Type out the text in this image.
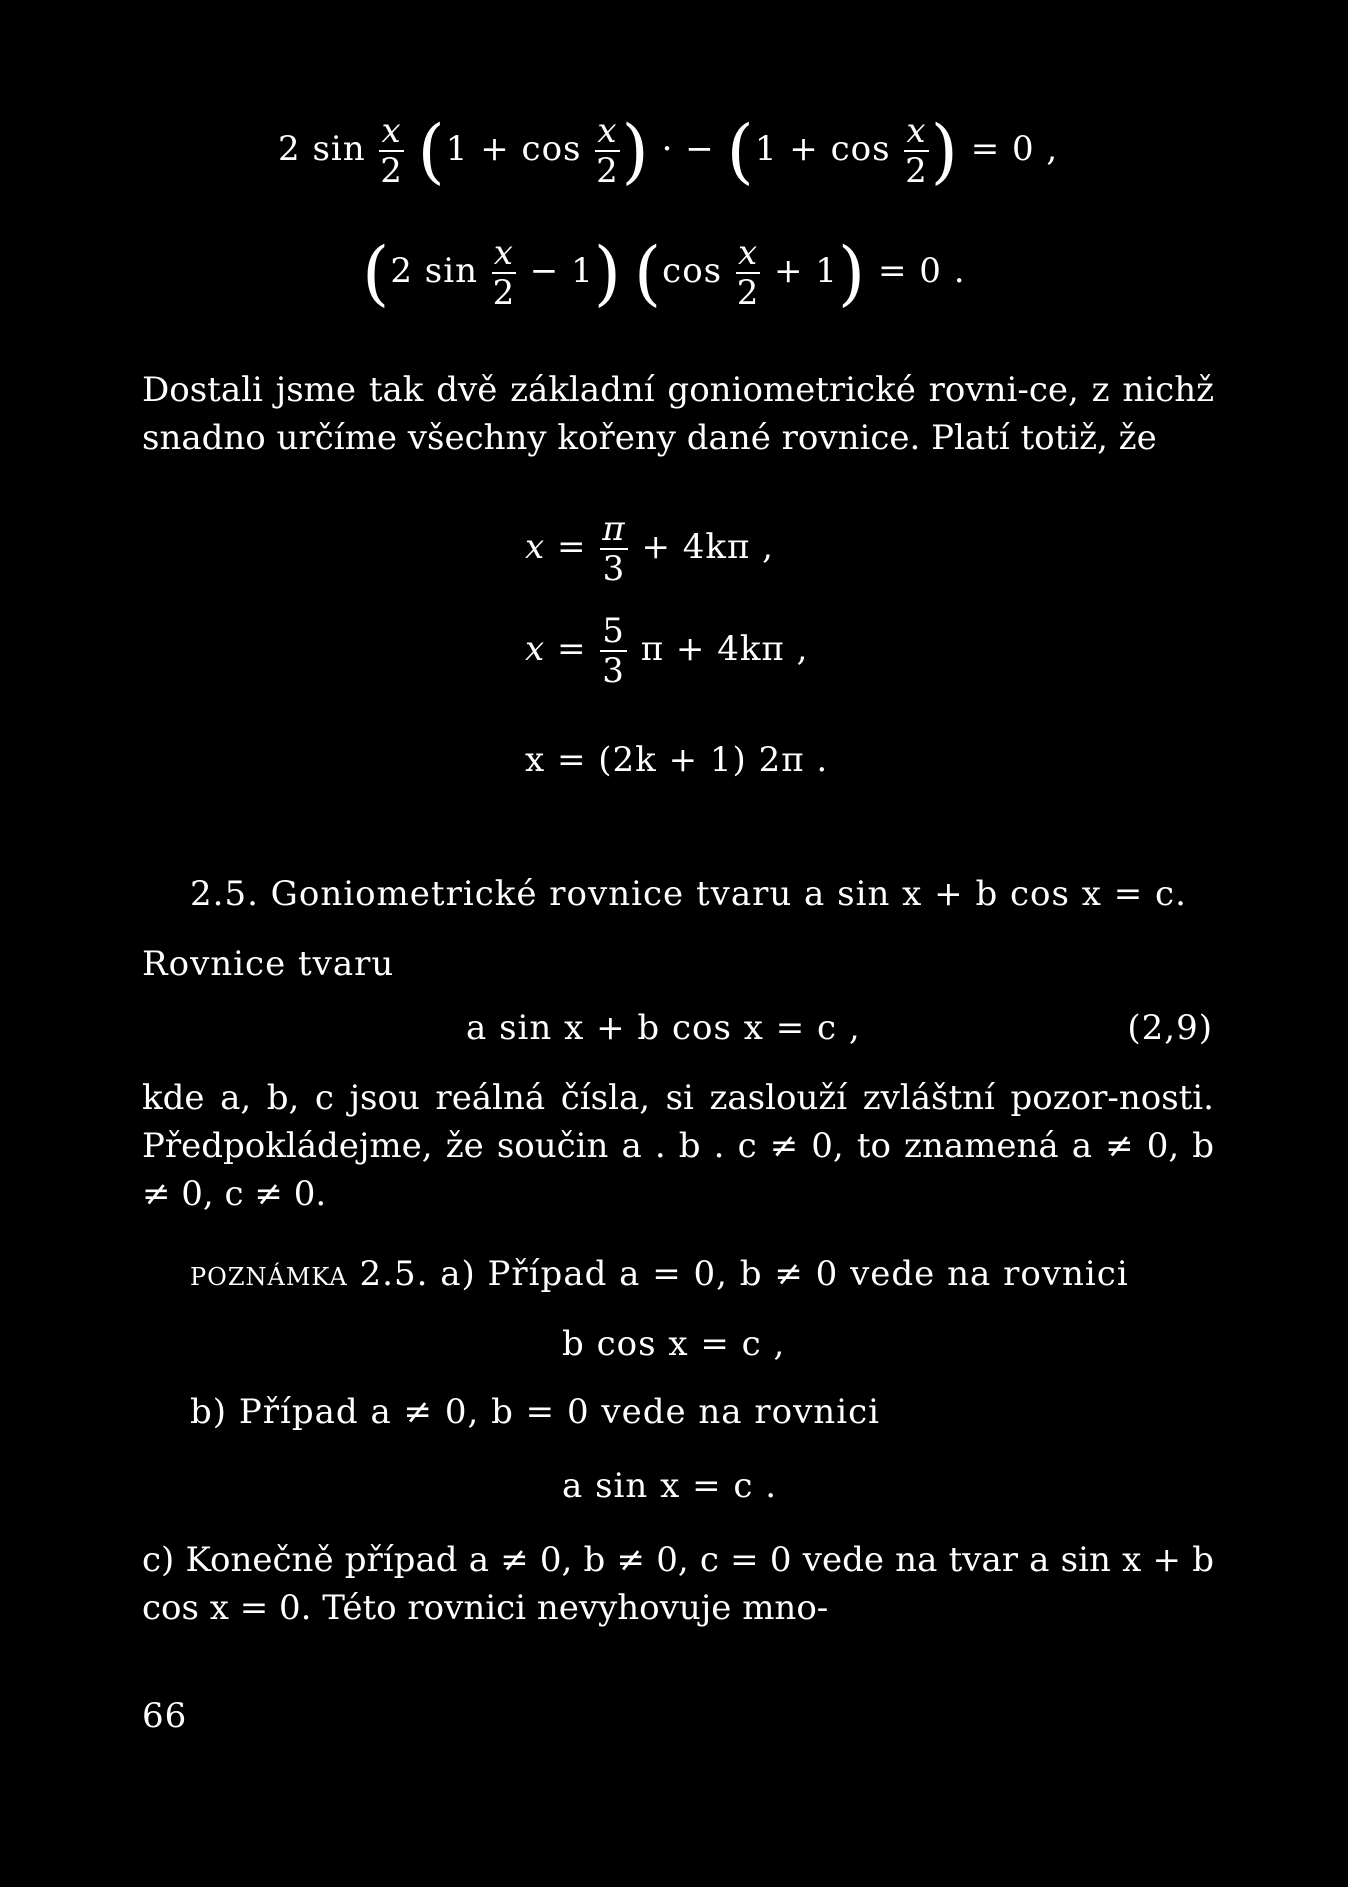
2 $\sin \frac{x}{2} (1 + \cos \frac{x}{2}$ ) · − ($1 + \cos \frac{x}{2}$ ) = 0 ,
(2 $\sin \frac{x}{2} - 1$) $(\cos \frac{x}{2} + 1) = 0$ .
Dostali jsme tak dvě základní goniometrické rovni-ce, z nichž snadno určíme všechny kořeny dané rovnice. Platí totiž, že
$x = \frac{\pi}{3} + 4k\pi$ ,
$x = \frac{5}{3}$ π + 4kπ ,
x = (2k + 1) 2π .
2.5. Goniometrické rovnice tvaru a sin x + b cos x = c.
Rovnice tvaru
a sin x + b cos x = c ,	(2,9)
kde a, b, c jsou reálná čísla, si zaslouží zvláštní pozor-nosti. Předpokládejme, že součin a . b . c ≠ 0, to znamená a ≠ 0, b ≠ 0, c ≠ 0.
POZNÁMKA 2.5. a) Případ a = 0, b ≠ 0 vede na rovnici
b cos x = c ,
b) Případ a ≠ 0, b = 0 vede na rovnici
a sin x = c .
c) Konečně případ a ≠ 0, b ≠ 0, c = 0 vede na tvar a sin x + b cos x = 0. Této rovnici nevyhovuje mno-
66
